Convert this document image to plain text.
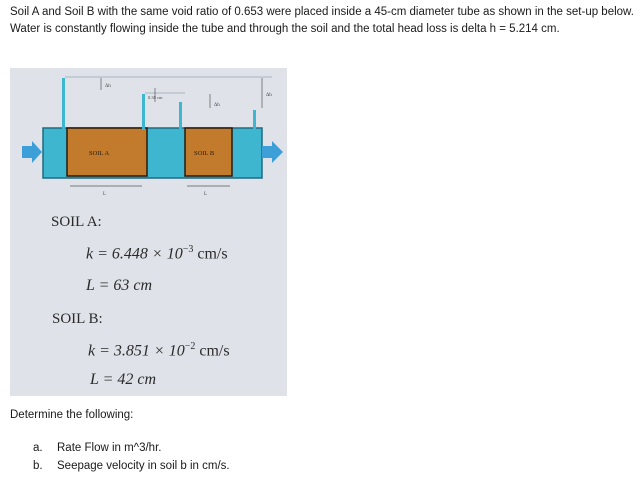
Soil A and Soil B with the same void ratio of 0.653 were placed inside a 45-cm diameter tube as shown in the set-up below. Water is constantly flowing inside the tube and through the soil and the total head loss is delta h = 5.214 cm.

SOIL A	SOIL B
Δh
0.38 cm
Δh
Δh
L	L
SOIL A:
$k = 6.448 \times 10^{-3}$ cm/s
L = 63 cm
SOIL B:
$k = 3.851 \times 10^{-2}$ cm/s
L = 42 cm

Determine the following:

a.	Rate Flow in m^3/hr.
b.	Seepage velocity in soil b in cm/s.
